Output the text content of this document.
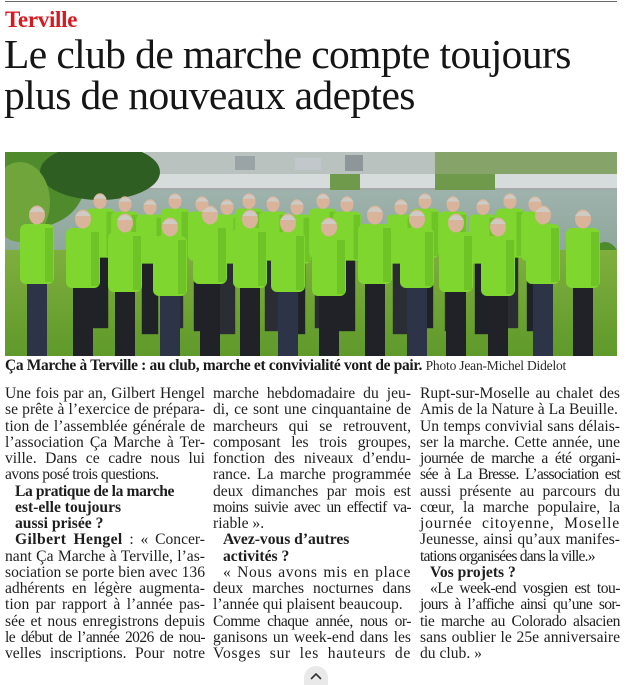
Terville
Le club de marche compte toujours
plus de nouveaux adeptes
Ça Marche à Terville : au club, marche et convivialité vont de pair. Photo Jean-Michel Didelot
Une fois par an, Gilbert Hengel
se prête à l’exercice de prépara-
tion de l’assemblée générale de
l’association Ça Marche à Ter-
ville. Dans ce cadre nous lui
avons posé trois questions.
La pratique de la marche
est-elle toujours
aussi prisée ?
Gilbert Hengel : « Concer-
nant Ça Marche à Terville, l’as-
sociation se porte bien avec 136
adhérents en légère augmenta-
tion par rapport à l’année pas-
sée et nous enregistrons depuis
le début de l’année 2026 de nou-
velles inscriptions. Pour notre
marche hebdomadaire du jeu-
di, ce sont une cinquantaine de
marcheurs qui se retrouvent,
composant les trois groupes,
fonction des niveaux d’endu-
rance. La marche programmée
deux dimanches par mois est
moins suivie avec un effectif va-
riable ».
Avez-vous d’autres
activités ?
« Nous avons mis en place
deux marches nocturnes dans
l’année qui plaisent beaucoup.
Comme chaque année, nous or-
ganisons un week-end dans les
Vosges sur les hauteurs de
Rupt-sur-Moselle au chalet des
Amis de la Nature à La Beuille.
Un temps convivial sans délais-
ser la marche. Cette année, une
journée de marche a été organi-
sée à La Bresse. L’association est
aussi présente au parcours du
cœur, la marche populaire, la
journée citoyenne, Moselle
Jeunesse, ainsi qu’aux manifes-
tations organisées dans la ville.»
Vos projets ?
«Le week-end vosgien est tou-
jours à l’affiche ainsi qu’une sor-
tie marche au Colorado alsacien
sans oublier le 25e anniversaire
du club. »
